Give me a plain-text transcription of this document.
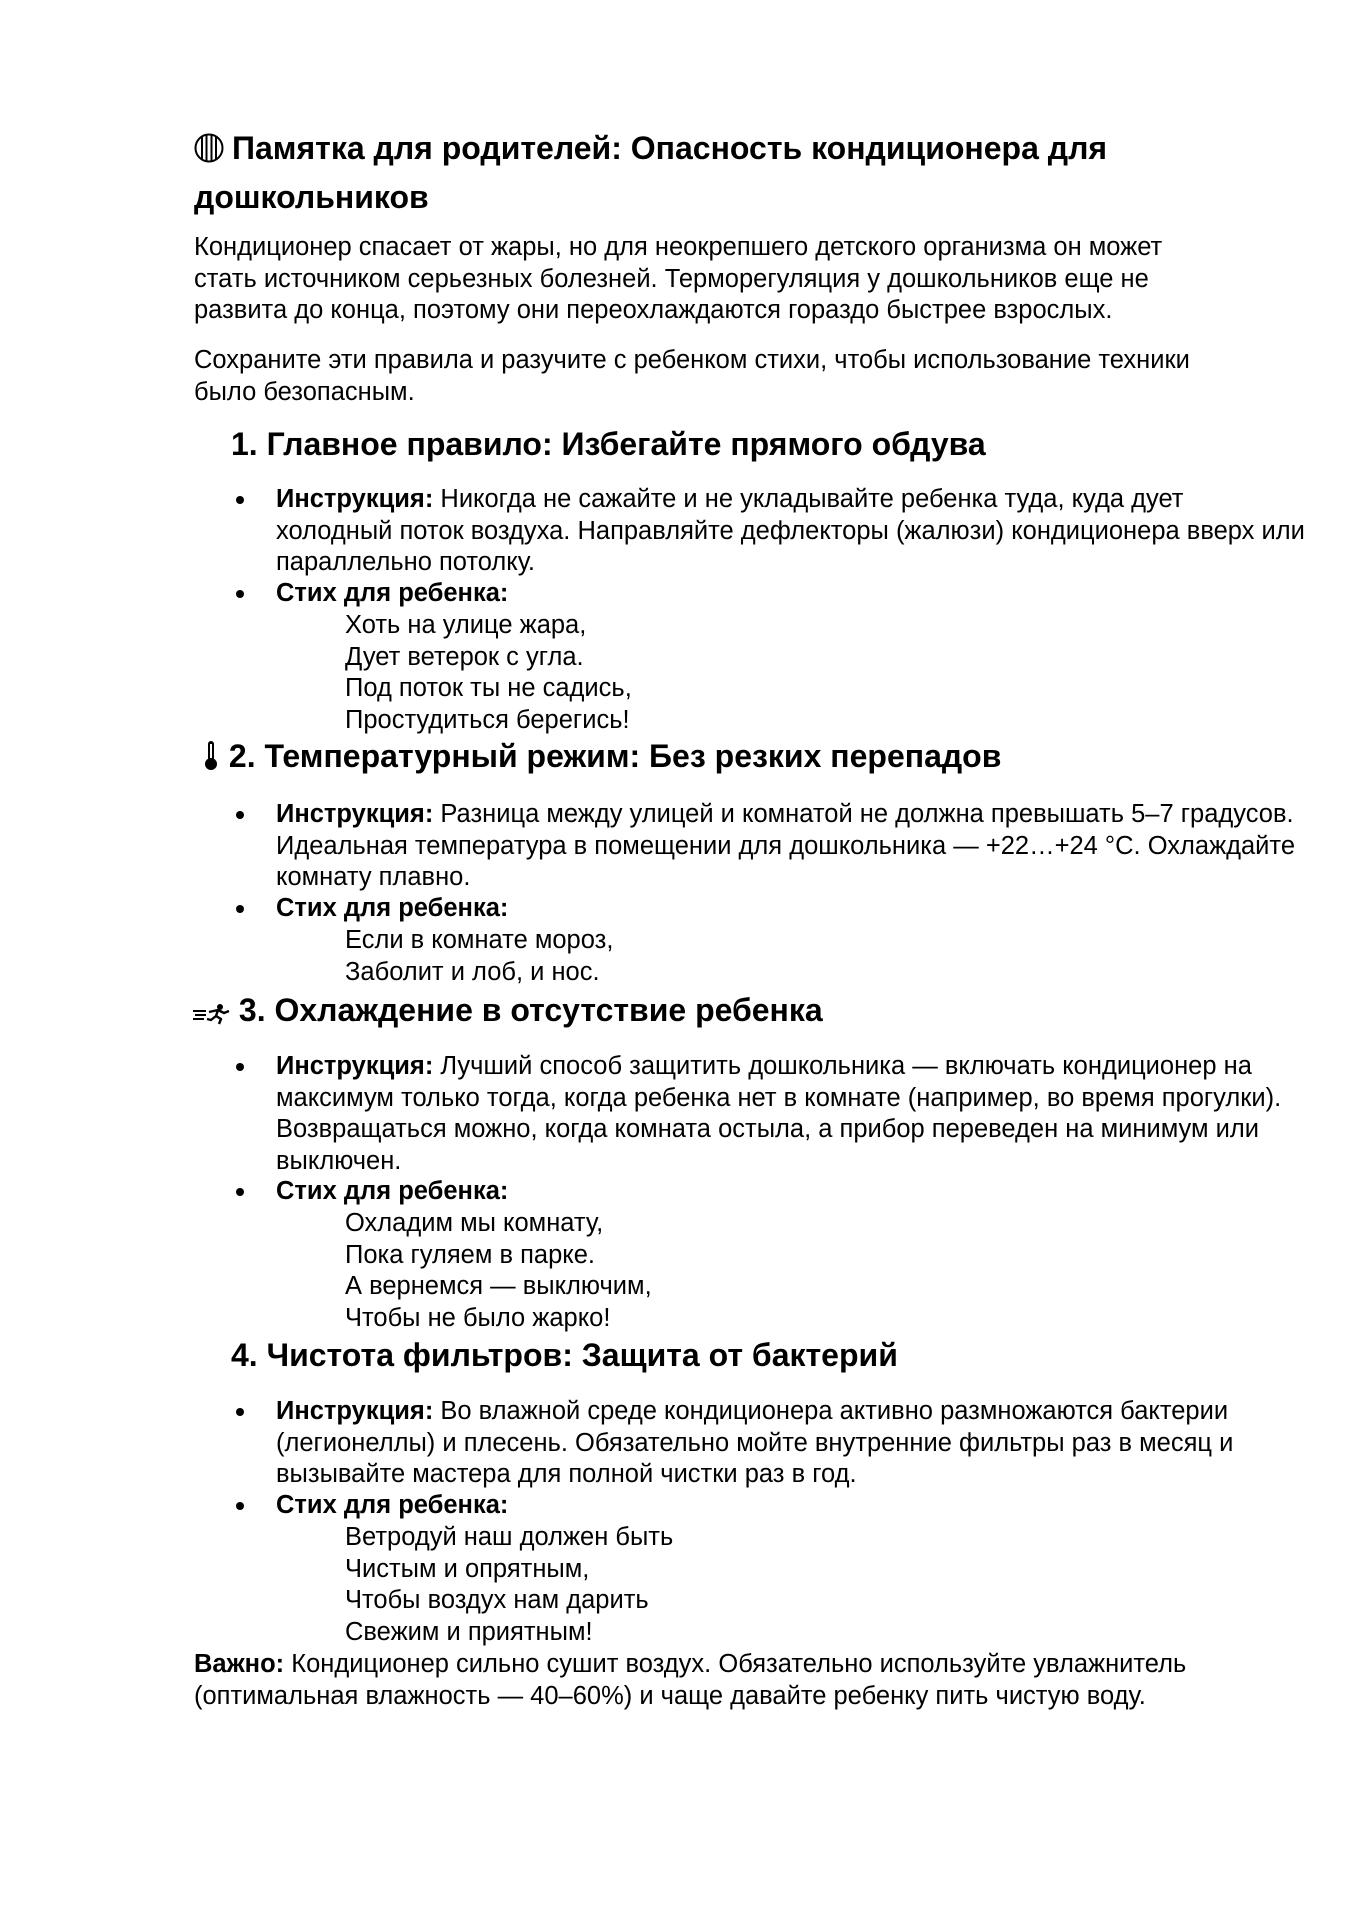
Памятка для родителей: Опасность кондиционера для дошкольников

Кондиционер спасает от жары, но для неокрепшего детского организма он может стать источником серьезных болезней. Терморегуляция у дошкольников еще не развита до конца, поэтому они переохлаждаются гораздо быстрее взрослых.

Сохраните эти правила и разучите с ребенком стихи, чтобы использование техники было безопасным.

1. Главное правило: Избегайте прямого обдува

Инструкция: Никогда не сажайте и не укладывайте ребенка туда, куда дует холодный поток воздуха. Направляйте дефлекторы (жалюзи) кондиционера вверх или параллельно потолку.

Стих для ребенка:

Хоть на улице жара,
Дует ветерок с угла.
Под поток ты не садись,
Простудиться берегись!
2. Температурный режим: Без резких перепадов

Инструкция: Разница между улицей и комнатой не должна превышать 5–7 градусов. Идеальная температура в помещении для дошкольника — +22…+24 °C. Охлаждайте комнату плавно.

Стих для ребенка:

Если в комнате мороз,
Заболит и лоб, и нос.
3. Охлаждение в отсутствие ребенка

Инструкция: Лучший способ защитить дошкольника — включать кондиционер на максимум только тогда, когда ребенка нет в комнате (например, во время прогулки). Возвращаться можно, когда комната остыла, а прибор переведен на минимум или выключен.

Стих для ребенка:

Охладим мы комнату,
Пока гуляем в парке.
А вернемся — выключим,
Чтобы не было жарко!
4. Чистота фильтров: Защита от бактерий

Инструкция: Во влажной среде кондиционера активно размножаются бактерии (легионеллы) и плесень. Обязательно мойте внутренние фильтры раз в месяц и вызывайте мастера для полной чистки раз в год.

Стих для ребенка:

Ветродуй наш должен быть
Чистым и опрятным,
Чтобы воздух нам дарить
Свежим и приятным!

Важно: Кондиционер сильно сушит воздух. Обязательно используйте увлажнитель (оптимальная влажность — 40–60%) и чаще давайте ребенку пить чистую воду.
